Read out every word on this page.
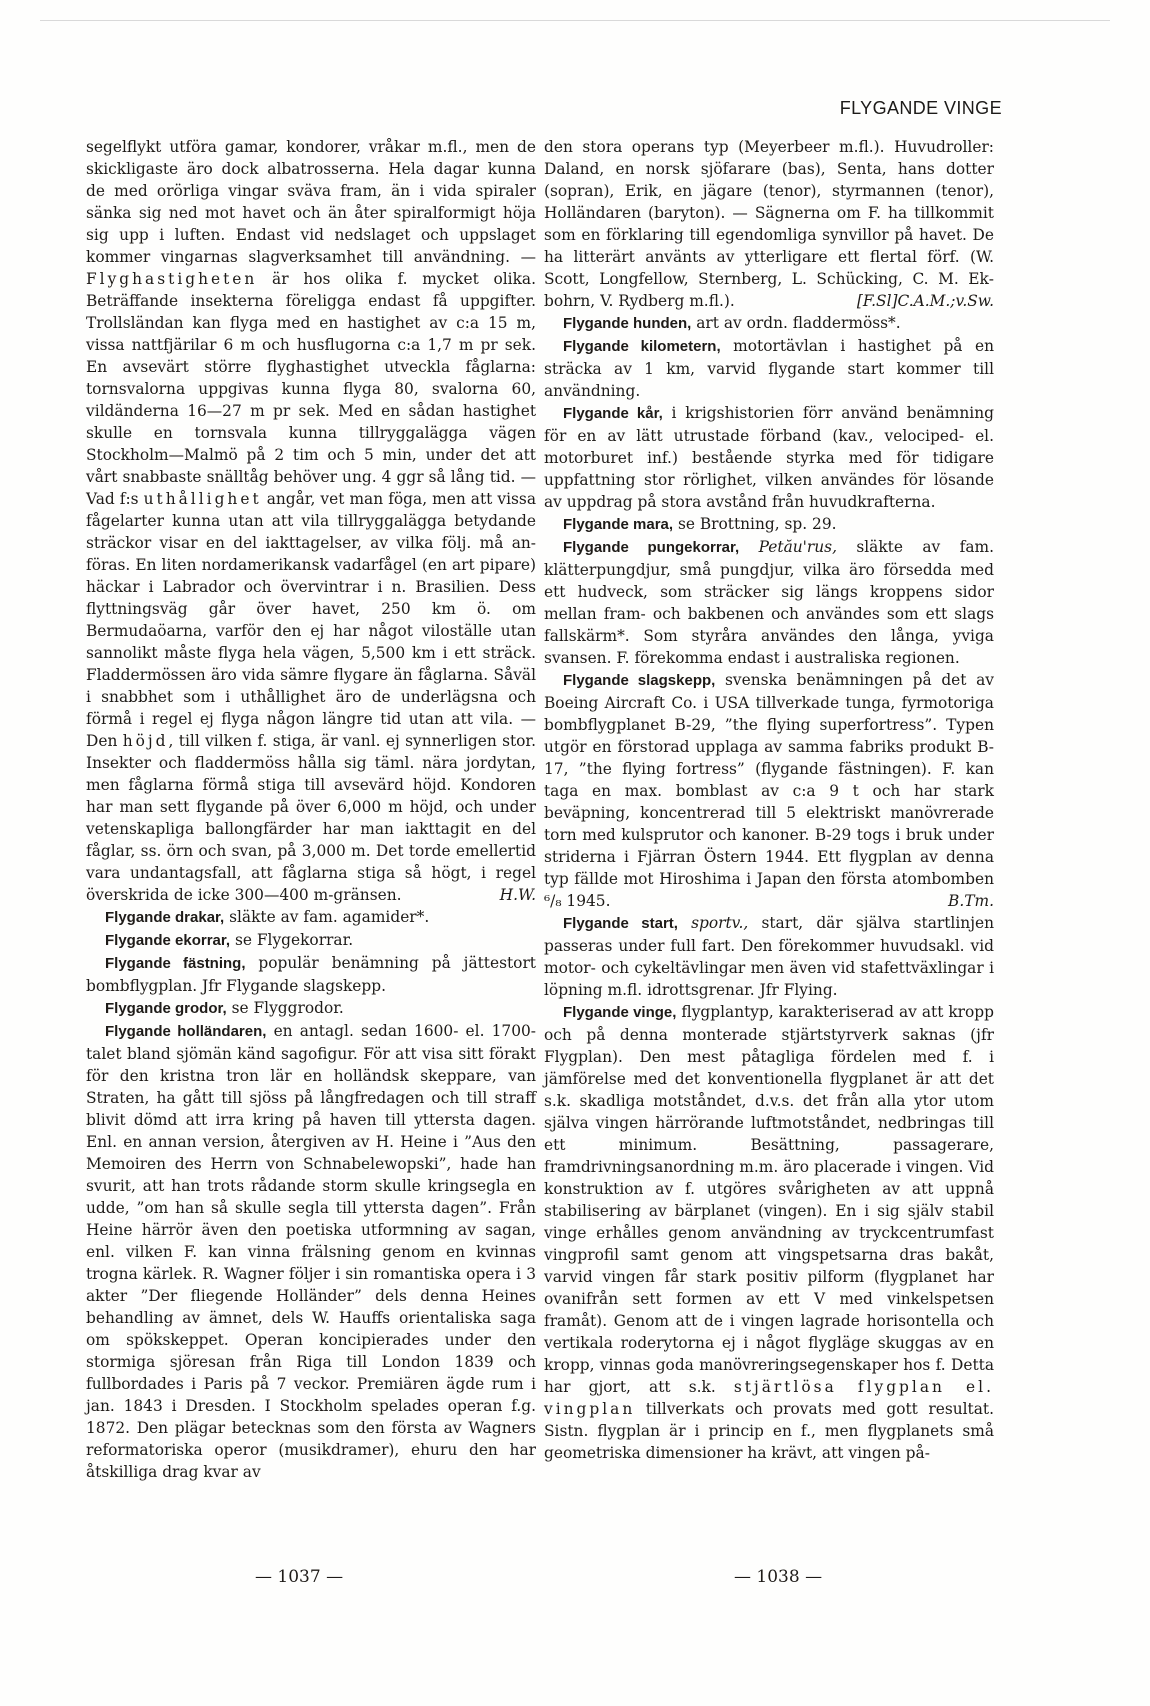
FLYGANDE VINGE

segelflykt utföra gamar, kondorer, vråkar m.fl., men de skickligaste äro dock albatrosserna. Hela dagar kunna de med orörliga vingar sväva fram, än i vida spiraler sänka sig ned mot havet och än åter spiralformigt höja sig upp i luften. Endast vid nedslaget och uppslaget kommer vingarnas slagverksamhet till användning. — Flyghastigheten är hos olika f. mycket olika. Beträffande insekterna föreligga endast få uppgifter. Trollsländan kan flyga med en hastighet av c:a 15 m, vissa nattfjärilar 6 m och husflugorna c:a 1,7 m pr sek. En avsevärt större flyghastighet utveckla fåglarna: tornsvalorna uppgivas kunna flyga 80, svalorna 60, vildänderna 16—27 m pr sek. Med en sådan hastighet skulle en tornsvala kunna tillryggalägga vägen Stockholm—Malmö på 2 tim och 5 min, under det att vårt snabbaste snälltåg behöver ung. 4 ggr så lång tid. — Vad f:s uthållighet angår, vet man föga, men att vissa fågelarter kunna utan att vila tillryggalägga betydande sträckor visar en del iakttagelser, av vilka följ. må anföras. En liten nordamerikansk vadarfågel (en art pipare) häckar i Labrador och övervintrar i n. Brasilien. Dess flyttningsväg går över havet, 250 km ö. om Bermudaöarna, varför den ej har något viloställe utan sannolikt måste flyga hela vägen, 5,500 km i ett sträck. Fladdermössen äro vida sämre flygare än fåglarna. Såväl i snabbhet som i uthållighet äro de underlägsna och förmå i regel ej flyga någon längre tid utan att vila. — Den höjd, till vilken f. stiga, är vanl. ej synnerligen stor. Insekter och fladdermöss hålla sig täml. nära jordytan, men fåglarna förmå stiga till avsevärd höjd. Kondoren har man sett flygande på över 6,000 m höjd, och under vetenskapliga ballongfärder har man iakttagit en del fåglar, ss. örn och svan, på 3,000 m. Det torde emellertid vara undantagsfall, att fåglarna stiga så högt, i regel överskrida de icke 300—400 m-gränsen.	H.W.

Flygande drakar, släkte av fam. agamider*.

Flygande ekorrar, se Flygekorrar.

Flygande fästning, populär benämning på jättestort bombflygplan. Jfr Flygande slagskepp.

Flygande grodor, se Flyggrodor.

Flygande holländaren, en antagl. sedan 1600- el. 1700-talet bland sjömän känd sagofigur. För att visa sitt förakt för den kristna tron lär en holländsk skeppare, van Straten, ha gått till sjöss på långfredagen och till straff blivit dömd att irra kring på haven till yttersta dagen. Enl. en annan version, återgiven av H. Heine i ”Aus den Memoiren des Herrn von Schnabelewopski”, hade han svurit, att han trots rådande storm skulle kringsegla en udde, ”om han så skulle segla till yttersta dagen”. Från Heine härrör även den poetiska utformning av sagan, enl. vilken F. kan vinna frälsning genom en kvinnas trogna kärlek. R. Wagner följer i sin romantiska opera i 3 akter ”Der fliegende Holländer” dels denna Heines behandling av ämnet, dels W. Hauffs orientaliska saga om spökskeppet. Operan koncipierades under den stormiga sjöresan från Riga till London 1839 och fullbordades i Paris på 7 veckor. Premiären ägde rum i jan. 1843 i Dresden. I Stockholm spelades operan f.g. 1872. Den plägar betecknas som den första av Wagners reformatoriska operor (musikdramer), ehuru den har åtskilliga drag kvar av

den stora operans typ (Meyerbeer m.fl.). Huvudroller: Daland, en norsk sjöfarare (bas), Senta, hans dotter (sopran), Erik, en jägare (tenor), styrmannen (tenor), Holländaren (baryton). — Sägnerna om F. ha tillkommit som en förklaring till egendomliga synvillor på havet. De ha litterärt använts av ytterligare ett flertal förf. (W. Scott, Longfellow, Sternberg, L. Schücking, C. M. Ekbohrn, V. Rydberg m.fl.).	[F.Sl]C.A.M.;v.Sw.

Flygande hunden, art av ordn. fladdermöss*.

Flygande kilometern, motortävlan i hastighet på en sträcka av 1 km, varvid flygande start kommer till användning.

Flygande kår, i krigshistorien förr använd benämning för en av lätt utrustade förband (kav., velociped- el. motorburet inf.) bestående styrka med för tidigare uppfattning stor rörlighet, vilken användes för lösande av uppdrag på stora avstånd från huvudkrafterna.

Flygande mara, se Brottning, sp. 29.

Flygande pungekorrar, Petău'rus, släkte av fam. klätterpungdjur, små pungdjur, vilka äro försedda med ett hudveck, som sträcker sig längs kroppens sidor mellan fram- och bakbenen och användes som ett slags fallskärm*. Som styråra användes den långa, yviga svansen. F. förekomma endast i australiska regionen.

Flygande slagskepp, svenska benämningen på det av Boeing Aircraft Co. i USA tillverkade tunga, fyrmotoriga bombflygplanet B-29, ”the flying superfortress”. Typen utgör en förstorad upplaga av samma fabriks produkt B-17, ”the flying fortress” (flygande fästningen). F. kan taga en max. bomblast av c:a 9 t och har stark beväpning, koncentrerad till 5 elektriskt manövrerade torn med kulsprutor och kanoner. B-29 togs i bruk under striderna i Fjärran Östern 1944. Ett flygplan av denna typ fällde mot Hiroshima i Japan den första atombomben ⁶/₈ 1945.	B.Tm.

Flygande start, sportv., start, där själva startlinjen passeras under full fart. Den förekommer huvudsakl. vid motor- och cykeltävlingar men även vid stafettväxlingar i löpning m.fl. idrottsgrenar. Jfr Flying.

Flygande vinge, flygplantyp, karakteriserad av att kropp och på denna monterade stjärtstyrverk saknas (jfr Flygplan). Den mest påtagliga fördelen med f. i jämförelse med det konventionella flygplanet är att det s.k. skadliga motståndet, d.v.s. det från alla ytor utom själva vingen härrörande luftmotståndet, nedbringas till ett minimum. Besättning, passagerare, framdrivningsanordning m.m. äro placerade i vingen. Vid konstruktion av f. utgöres svårigheten av att uppnå stabilisering av bärplanet (vingen). En i sig själv stabil vinge erhålles genom användning av tryckcentrumfast vingprofil samt genom att vingspetsarna dras bakåt, varvid vingen får stark positiv pilform (flygplanet har ovanifrån sett formen av ett V med vinkelspetsen framåt). Genom att de i vingen lagrade horisontella och vertikala roderytorna ej i något flygläge skuggas av en kropp, vinnas goda manövreringsegenskaper hos f. Detta har gjort, att s.k. stjärtlösa flygplan el. vingplan tillverkats och provats med gott resultat. Sistn. flygplan är i princip en f., men flygplanets små geometriska dimensioner ha krävt, att vingen på-

— 1037 —	— 1038 —
